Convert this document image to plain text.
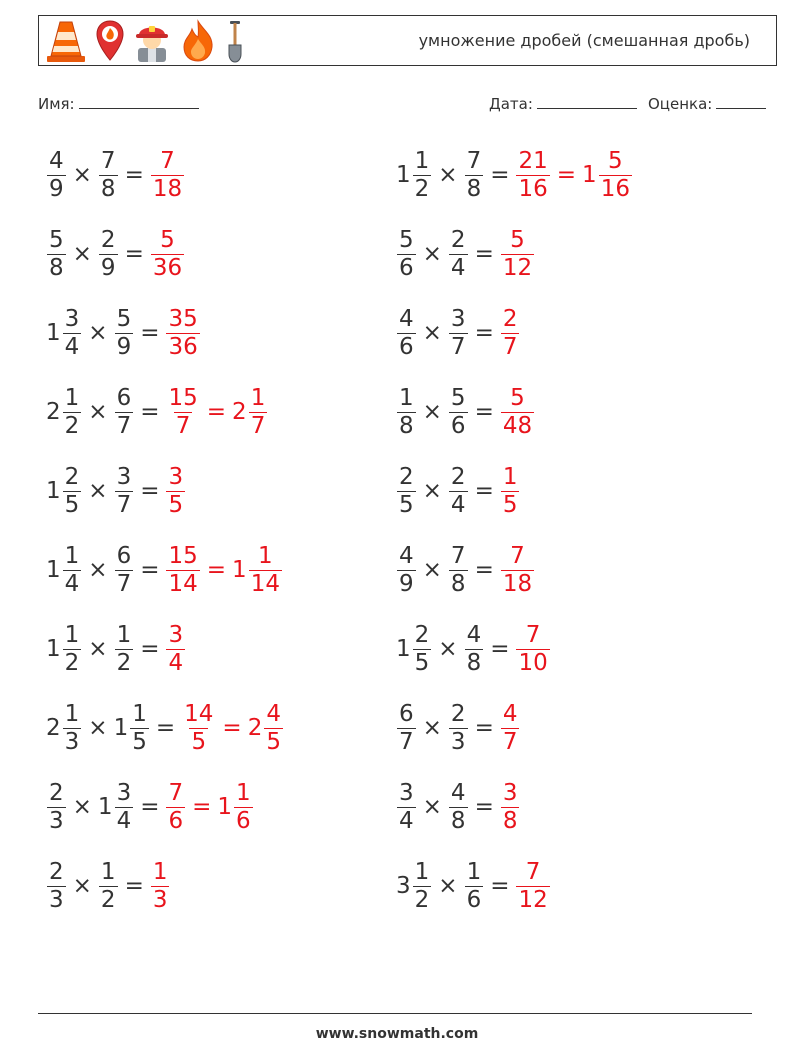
умножение дробей (смешанная дробь)
Имя:	Дата:	Оценка:
$\frac{4}{9} \times \frac{7}{8} = \frac{7}{18}$	$1 \frac{1}{2} \times \frac{7}{8} = \frac{21}{16} = 1 \frac{5}{16}$
$\frac{5}{8} \times \frac{2}{9} = \frac{5}{36}$	$\frac{5}{6} \times \frac{2}{4} = \frac{5}{12}$
$1 \frac{3}{4} \times \frac{5}{9} = \frac{35}{36}$	$\frac{4}{6} \times \frac{3}{7} = \frac{2}{7}$
$2 \frac{1}{2} \times \frac{6}{7} = \frac{15}{7} = 2 \frac{1}{7}$	$\frac{1}{8} \times \frac{5}{6} = \frac{5}{48}$
$1 \frac{2}{5} \times \frac{3}{7} = \frac{3}{5}$	$\frac{2}{5} \times \frac{2}{4} = \frac{1}{5}$
$1 \frac{1}{4} \times \frac{6}{7} = \frac{15}{14} = 1 \frac{1}{14}$	$\frac{4}{9} \times \frac{7}{8} = \frac{7}{18}$
$1 \frac{1}{2} \times \frac{1}{2} = \frac{3}{4}$	$1 \frac{2}{5} \times \frac{4}{8} = \frac{7}{10}$
$2 \frac{1}{3} \times 1 \frac{1}{5} = \frac{14}{5} = 2 \frac{4}{5}$	$\frac{6}{7} \times \frac{2}{3} = \frac{4}{7}$
$\frac{2}{3} \times 1 \frac{3}{4} = \frac{7}{6} = 1 \frac{1}{6}$	$\frac{3}{4} \times \frac{4}{8} = \frac{3}{8}$
$\frac{2}{3} \times \frac{1}{2} = \frac{1}{3}$	$3 \frac{1}{2} \times \frac{1}{6} = \frac{7}{12}$
www.snowmath.com
